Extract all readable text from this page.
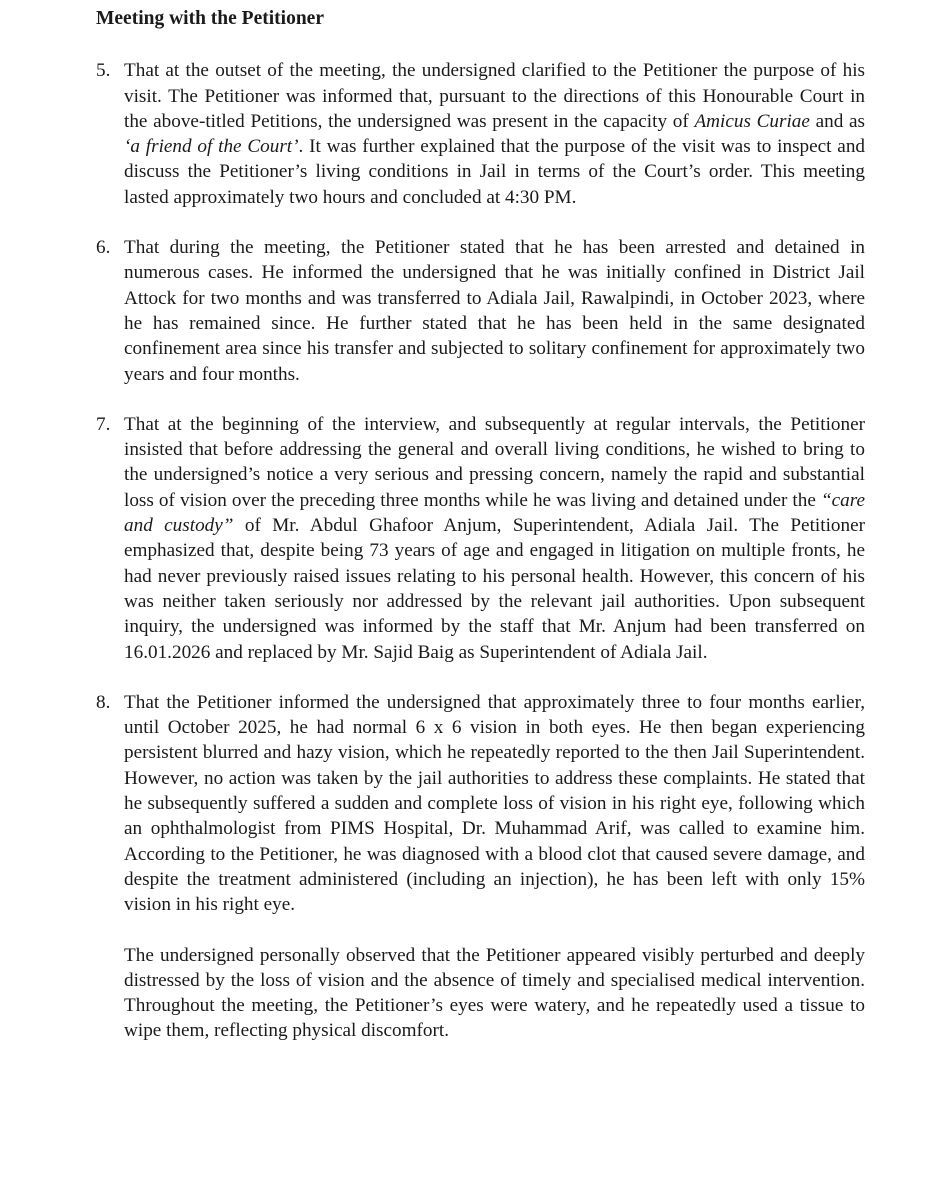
Meeting with the Petitioner
5. That at the outset of the meeting, the undersigned clarified to the Petitioner the purpose of his visit. The Petitioner was informed that, pursuant to the directions of this Honourable Court in the above-titled Petitions, the undersigned was present in the capacity of Amicus Curiae and as ‘a friend of the Court’. It was further explained that the purpose of the visit was to inspect and discuss the Petitioner’s living conditions in Jail in terms of the Court’s order. This meeting lasted approximately two hours and concluded at 4:30 PM.

6. That during the meeting, the Petitioner stated that he has been arrested and detained in numerous cases. He informed the undersigned that he was initially confined in District Jail Attock for two months and was transferred to Adiala Jail, Rawalpindi, in October 2023, where he has remained since. He further stated that he has been held in the same designated confinement area since his transfer and subjected to solitary confinement for approximately two years and four months.

7. That at the beginning of the interview, and subsequently at regular intervals, the Petitioner insisted that before addressing the general and overall living conditions, he wished to bring to the undersigned’s notice a very serious and pressing concern, namely the rapid and substantial loss of vision over the preceding three months while he was living and detained under the “care and custody” of Mr. Abdul Ghafoor Anjum, Superintendent, Adiala Jail. The Petitioner emphasized that, despite being 73 years of age and engaged in litigation on multiple fronts, he had never previously raised issues relating to his personal health. However, this concern of his was neither taken seriously nor addressed by the relevant jail authorities. Upon subsequent inquiry, the undersigned was informed by the staff that Mr. Anjum had been transferred on 16.01.2026 and replaced by Mr. Sajid Baig as Superintendent of Adiala Jail.

8. That the Petitioner informed the undersigned that approximately three to four months earlier, until October 2025, he had normal 6 x 6 vision in both eyes. He then began experiencing persistent blurred and hazy vision, which he repeatedly reported to the then Jail Superintendent. However, no action was taken by the jail authorities to address these complaints. He stated that he subsequently suffered a sudden and complete loss of vision in his right eye, following which an ophthalmologist from PIMS Hospital, Dr. Muhammad Arif, was called to examine him. According to the Petitioner, he was diagnosed with a blood clot that caused severe damage, and despite the treatment administered (including an injection), he has been left with only 15% vision in his right eye.

The undersigned personally observed that the Petitioner appeared visibly perturbed and deeply distressed by the loss of vision and the absence of timely and specialised medical intervention. Throughout the meeting, the Petitioner’s eyes were watery, and he repeatedly used a tissue to wipe them, reflecting physical discomfort.
